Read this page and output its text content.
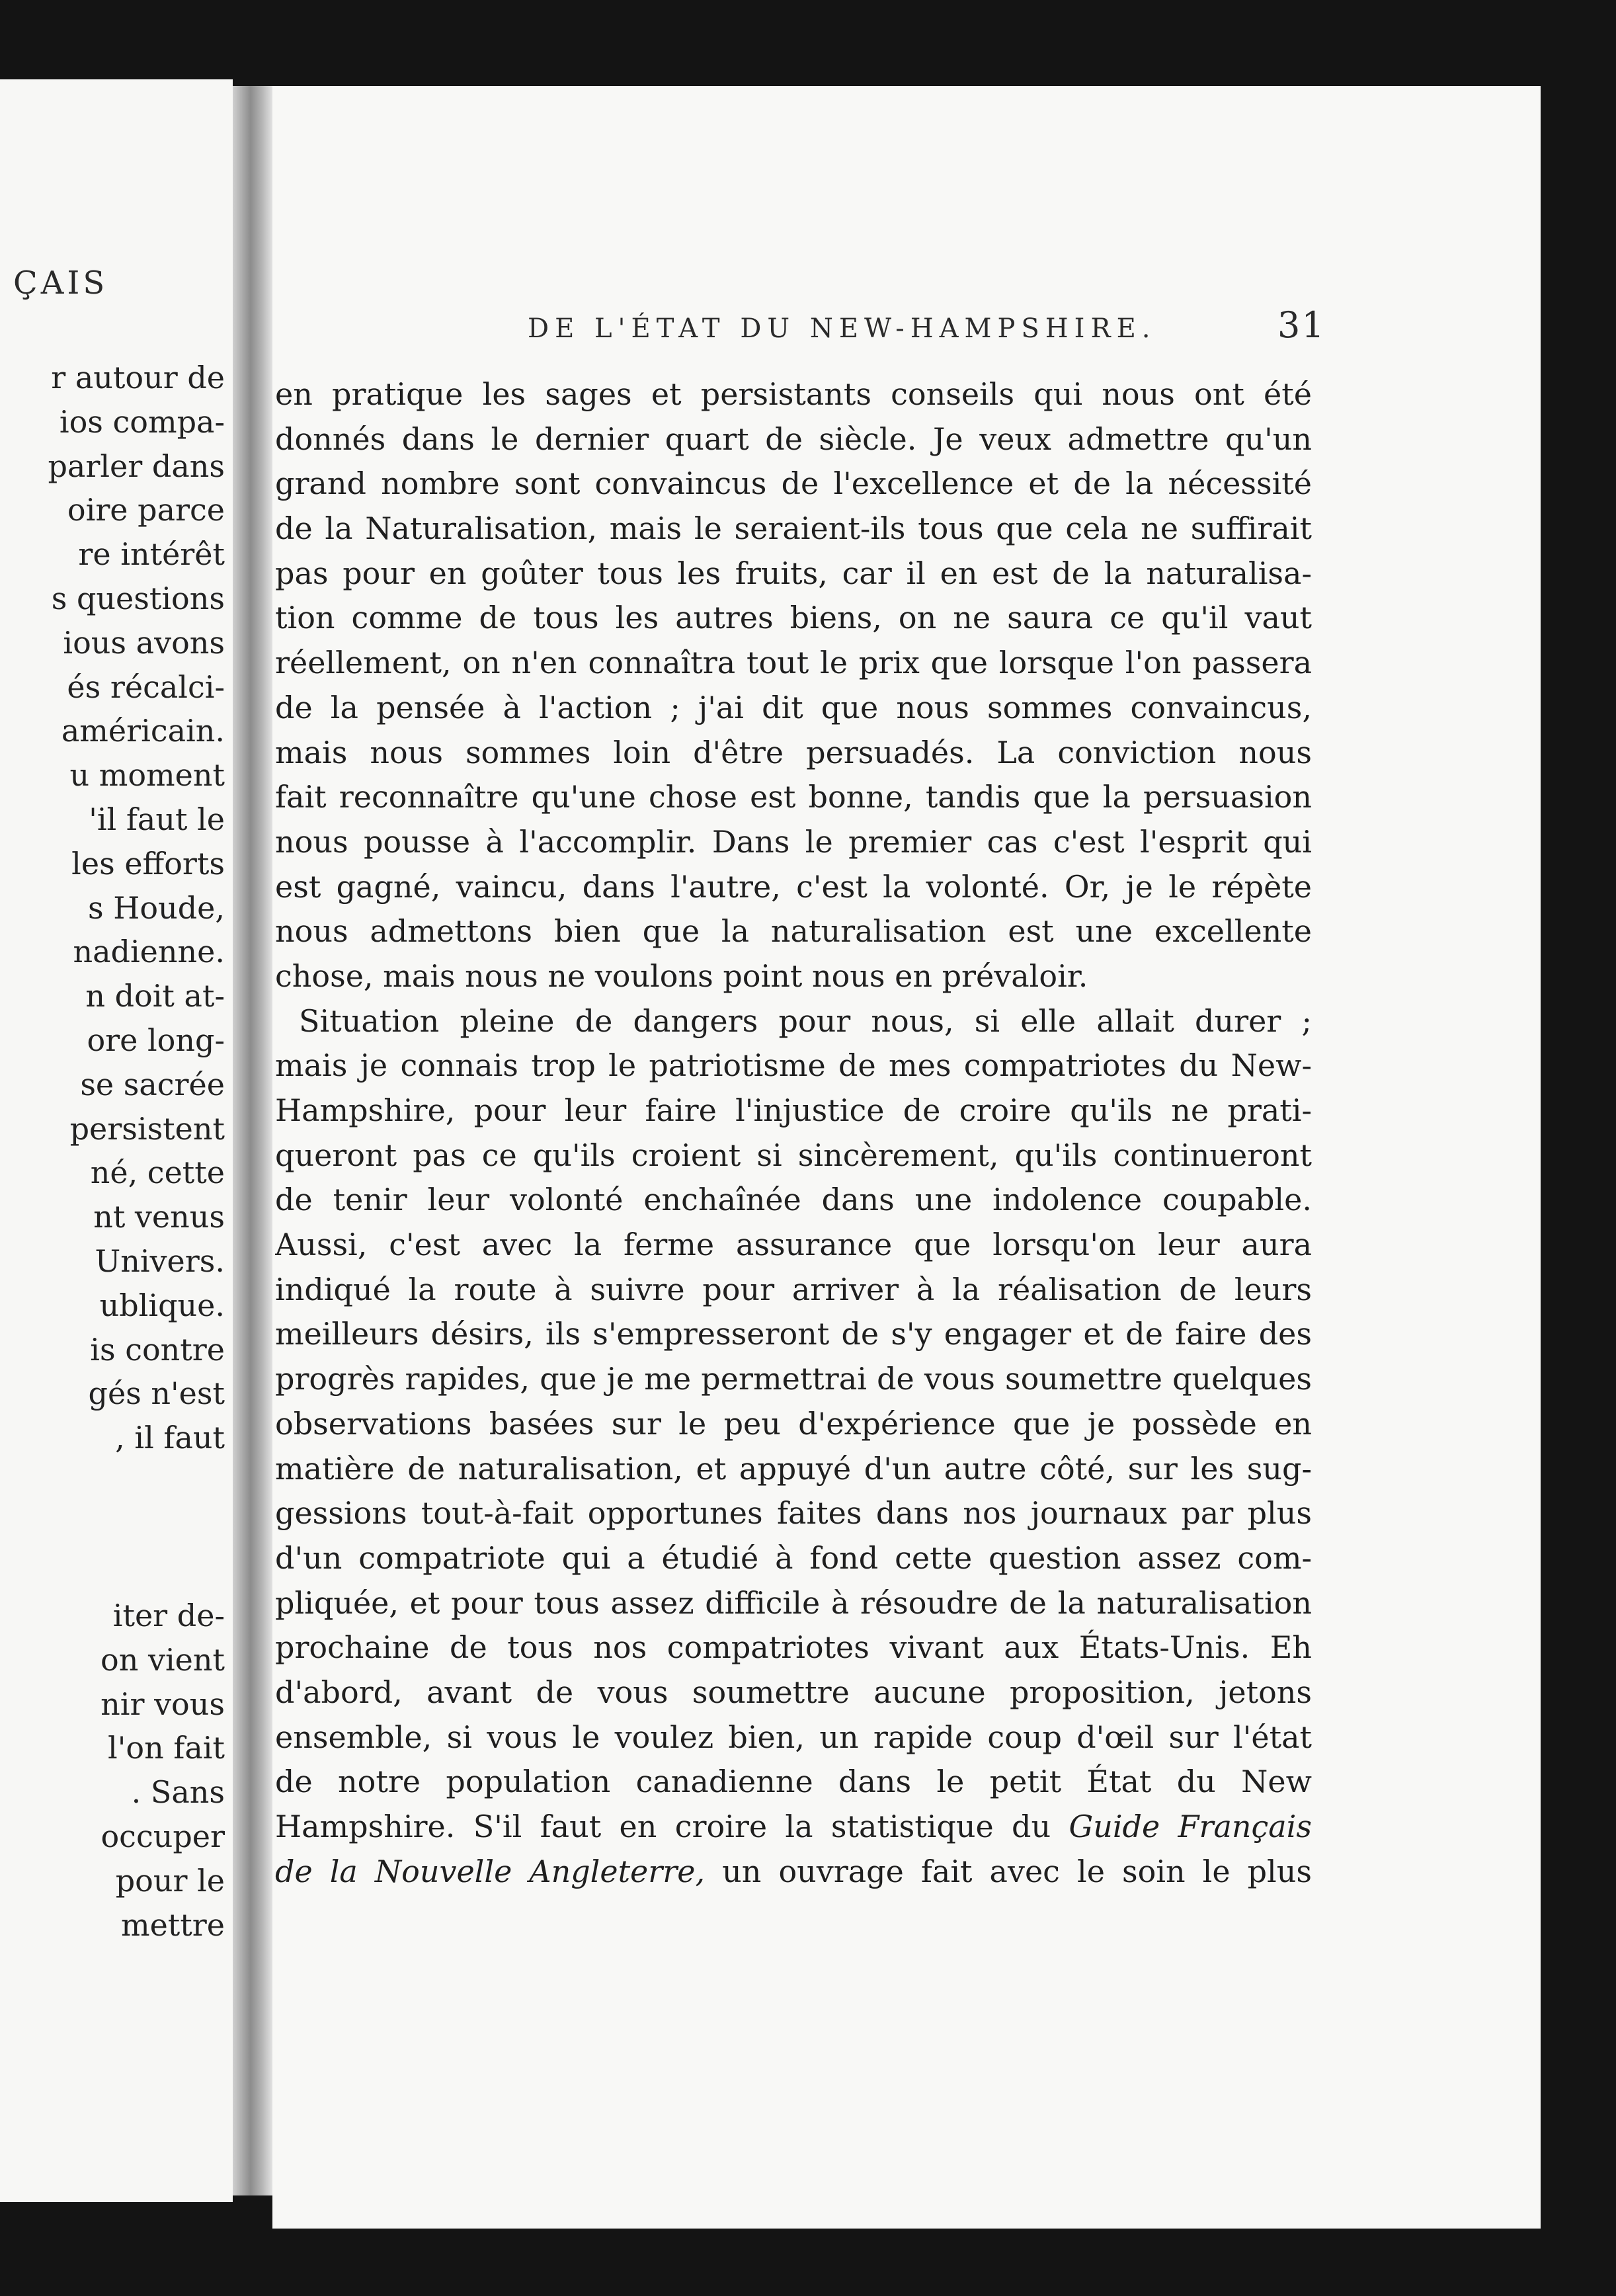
ÇAIS
r autour de
ios compa-
parler dans
oire parce
re intérêt
s questions
ious avons
és récalci-
américain.
u moment
'il faut le
les efforts
s Houde,
nadienne.
n doit at-
ore long-
se sacrée
persistent
né, cette
nt venus
Univers.
ublique.
is contre
gés n'est
, il faut
iter de-
on vient
nir vous
l'on fait
. Sans
occuper
pour le
mettre
DE L'ÉTAT DU NEW-HAMPSHIRE.	31
en pratique les sages et persistants conseils qui nous ont été
donnés dans le dernier quart de siècle. Je veux admettre qu'un
grand nombre sont convaincus de l'excellence et de la nécessité
de la Naturalisation, mais le seraient-ils tous que cela ne suffirait
pas pour en goûter tous les fruits, car il en est de la naturalisa-
tion comme de tous les autres biens, on ne saura ce qu'il vaut
réellement, on n'en connaîtra tout le prix que lorsque l'on passera
de la pensée à l'action ; j'ai dit que nous sommes convaincus,
mais nous sommes loin d'être persuadés. La conviction nous
fait reconnaître qu'une chose est bonne, tandis que la persuasion
nous pousse à l'accomplir. Dans le premier cas c'est l'esprit qui
est gagné, vaincu, dans l'autre, c'est la volonté. Or, je le répète
nous admettons bien que la naturalisation est une excellente
chose, mais nous ne voulons point nous en prévaloir.
Situation pleine de dangers pour nous, si elle allait durer ;
mais je connais trop le patriotisme de mes compatriotes du New-
Hampshire, pour leur faire l'injustice de croire qu'ils ne prati-
queront pas ce qu'ils croient si sincèrement, qu'ils continueront
de tenir leur volonté enchaînée dans une indolence coupable.
Aussi, c'est avec la ferme assurance que lorsqu'on leur aura
indiqué la route à suivre pour arriver à la réalisation de leurs
meilleurs désirs, ils s'empresseront de s'y engager et de faire des
progrès rapides, que je me permettrai de vous soumettre quelques
observations basées sur le peu d'expérience que je possède en
matière de naturalisation, et appuyé d'un autre côté, sur les sug-
gessions tout-à-fait opportunes faites dans nos journaux par plus
d'un compatriote qui a étudié à fond cette question assez com-
pliquée, et pour tous assez difficile à résoudre de la naturalisation
prochaine de tous nos compatriotes vivant aux États-Unis. Eh
d'abord, avant de vous soumettre aucune proposition, jetons
ensemble, si vous le voulez bien, un rapide coup d'œil sur l'état
de notre population canadienne dans le petit État du New
Hampshire. S'il faut en croire la statistique du Guide Français
de la Nouvelle Angleterre, un ouvrage fait avec le soin le plus
